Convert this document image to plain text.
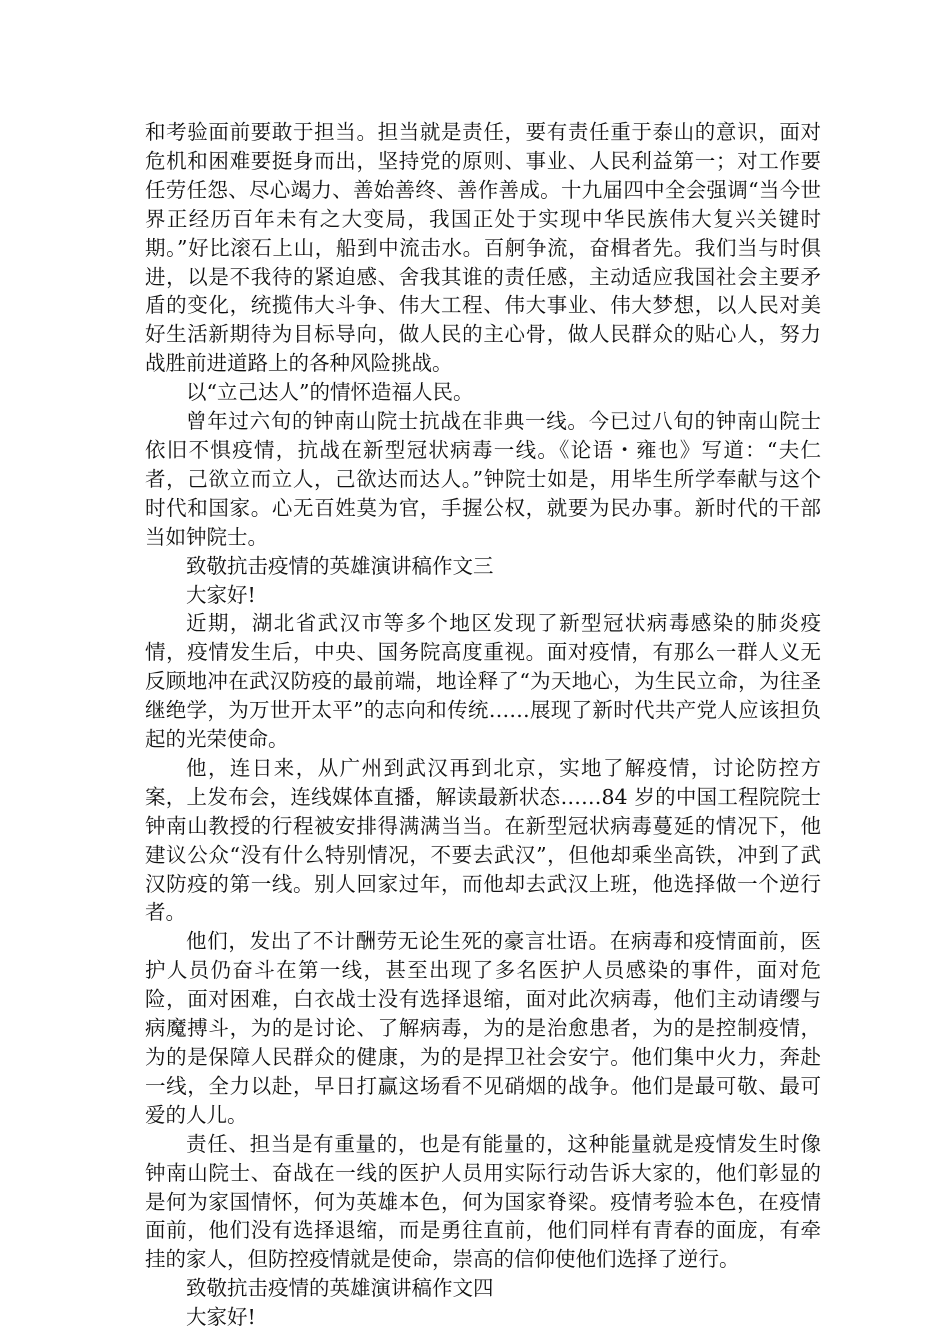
和考验面前要敢于担当。担当就是责任，要有责任重于泰山的意识，面对危机和困难要挺身而出，坚持党的原则、事业、人民利益第一；对工作要任劳任怨、尽心竭力、善始善终、善作善成。十九届四中全会强调“当今世界正经历百年未有之大变局，我国正处于实现中华民族伟大复兴关键时期。”好比滚石上山，船到中流击水。百舸争流，奋楫者先。我们当与时俱进，以是不我待的紧迫感、舍我其谁的责任感，主动适应我国社会主要矛盾的变化，统揽伟大斗争、伟大工程、伟大事业、伟大梦想，以人民对美好生活新期待为目标导向，做人民的主心骨，做人民群众的贴心人，努力战胜前进道路上的各种风险挑战。

以“立己达人”的情怀造福人民。

曾年过六旬的钟南山院士抗战在非典一线。今已过八旬的钟南山院士依旧不惧疫情，抗战在新型冠状病毒一线。《论语・雍也》写道：“夫仁者，己欲立而立人，己欲达而达人。”钟院士如是，用毕生所学奉献与这个时代和国家。心无百姓莫为官，手握公权，就要为民办事。新时代的干部当如钟院士。

致敬抗击疫情的英雄演讲稿作文三

大家好!

近期，湖北省武汉市等多个地区发现了新型冠状病毒感染的肺炎疫情，疫情发生后，中央、国务院高度重视。面对疫情，有那么一群人义无反顾地冲在武汉防疫的最前端，地诠释了“为天地心，为生民立命，为往圣继绝学，为万世开太平”的志向和传统……展现了新时代共产党人应该担负起的光荣使命。

他，连日来，从广州到武汉再到北京，实地了解疫情，讨论防控方案，上发布会，连线媒体直播，解读最新状态……84 岁的中国工程院院士钟南山教授的行程被安排得满满当当。在新型冠状病毒蔓延的情况下，他建议公众“没有什么特别情况，不要去武汉”，但他却乘坐高铁，冲到了武汉防疫的第一线。别人回家过年，而他却去武汉上班，他选择做一个逆行者。

他们，发出了不计酬劳无论生死的豪言壮语。在病毒和疫情面前，医护人员仍奋斗在第一线，甚至出现了多名医护人员感染的事件，面对危险，面对困难，白衣战士没有选择退缩，面对此次病毒，他们主动请缨与病魔搏斗，为的是讨论、了解病毒，为的是治愈患者，为的是控制疫情，为的是保障人民群众的健康，为的是捍卫社会安宁。他们集中火力，奔赴一线，全力以赴，早日打赢这场看不见硝烟的战争。他们是最可敬、最可爱的人儿。

责任、担当是有重量的，也是有能量的，这种能量就是疫情发生时像钟南山院士、奋战在一线的医护人员用实际行动告诉大家的，他们彰显的是何为家国情怀，何为英雄本色，何为国家脊梁。疫情考验本色，在疫情面前，他们没有选择退缩，而是勇往直前，他们同样有青春的面庞，有牵挂的家人，但防控疫情就是使命，崇高的信仰使他们选择了逆行。

致敬抗击疫情的英雄演讲稿作文四

大家好!
